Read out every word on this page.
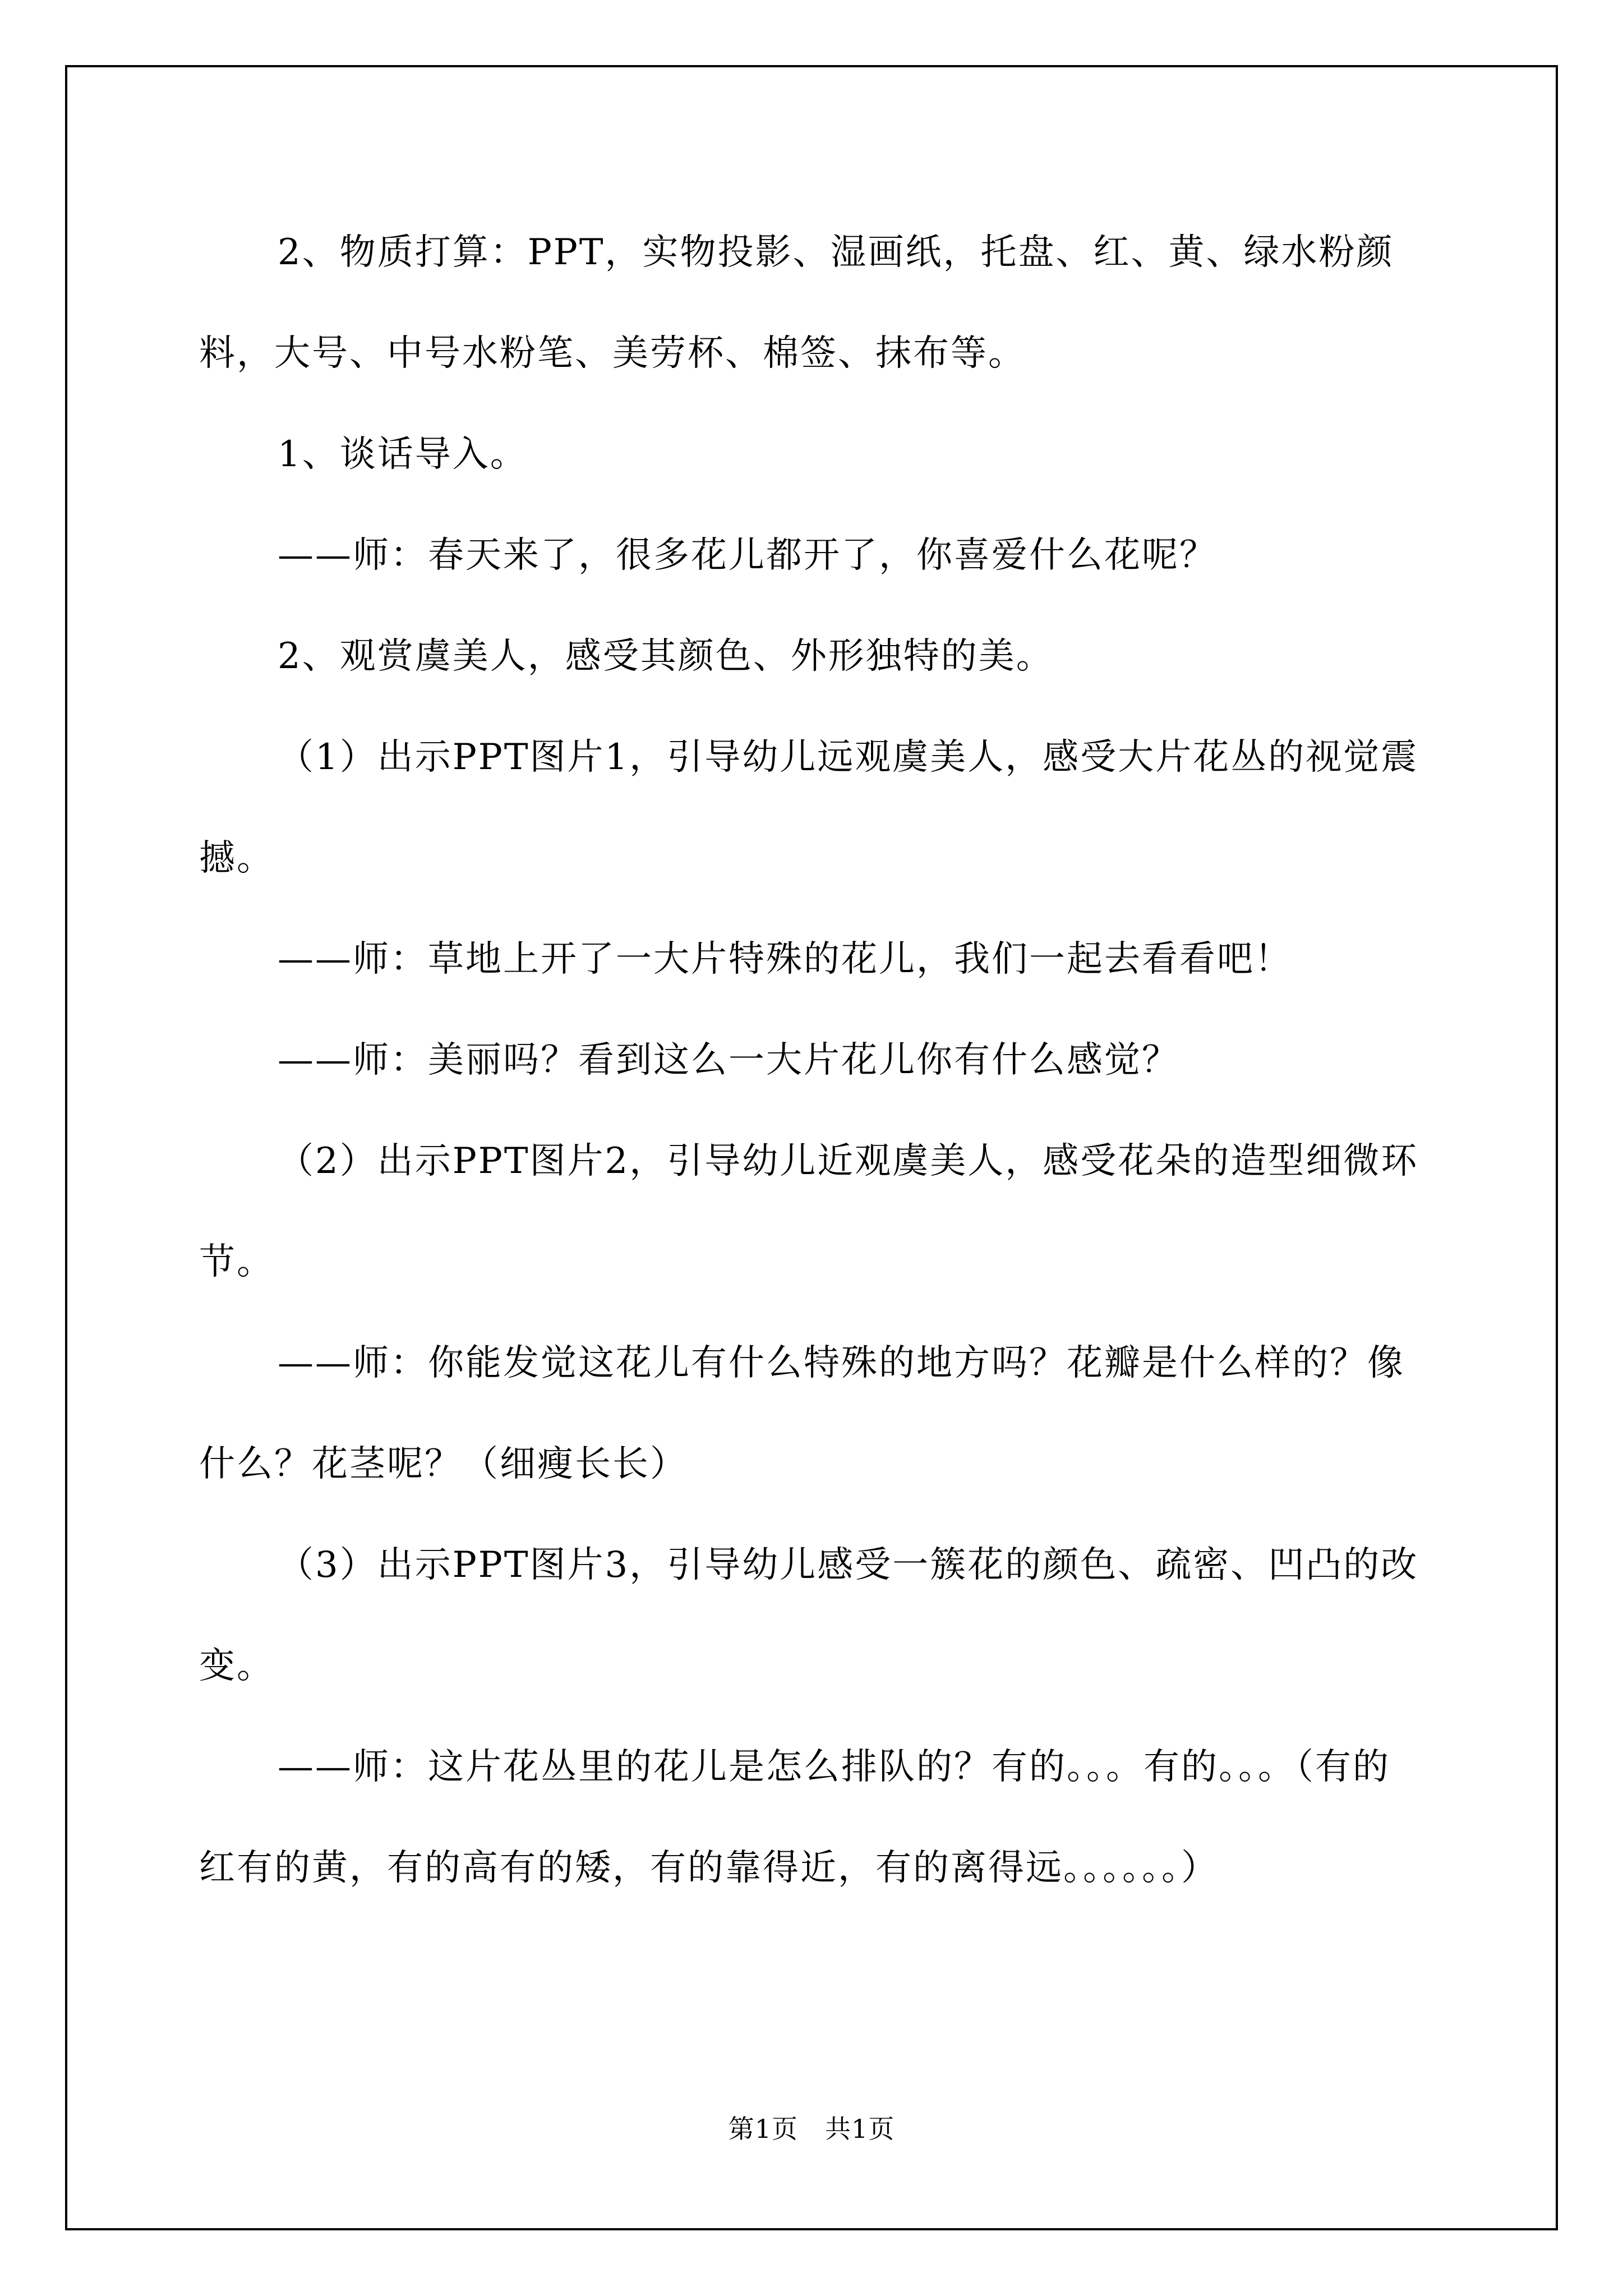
2、物质打算：PPT，实物投影、湿画纸，托盘、红、黄、绿水粉颜料，大号、中号水粉笔、美劳杯、棉签、抹布等。

1、谈话导入。

——师：春天来了，很多花儿都开了，你喜爱什么花呢？

2、观赏虞美人，感受其颜色、外形独特的美。

（1）出示PPT图片1，引导幼儿远观虞美人，感受大片花丛的视觉震撼。

——师：草地上开了一大片特殊的花儿，我们一起去看看吧！

——师：美丽吗？看到这么一大片花儿你有什么感觉？

（2）出示PPT图片2，引导幼儿近观虞美人，感受花朵的造型细微环节。

——师：你能发觉这花儿有什么特殊的地方吗？花瓣是什么样的？像什么？花茎呢？（细瘦长长）

（3）出示PPT图片3，引导幼儿感受一簇花的颜色、疏密、凹凸的改变。

——师：这片花丛里的花儿是怎么排队的？有的。。。有的。。。（有的红有的黄，有的高有的矮，有的靠得近，有的离得远。。。。。。）

第1页 共1页
